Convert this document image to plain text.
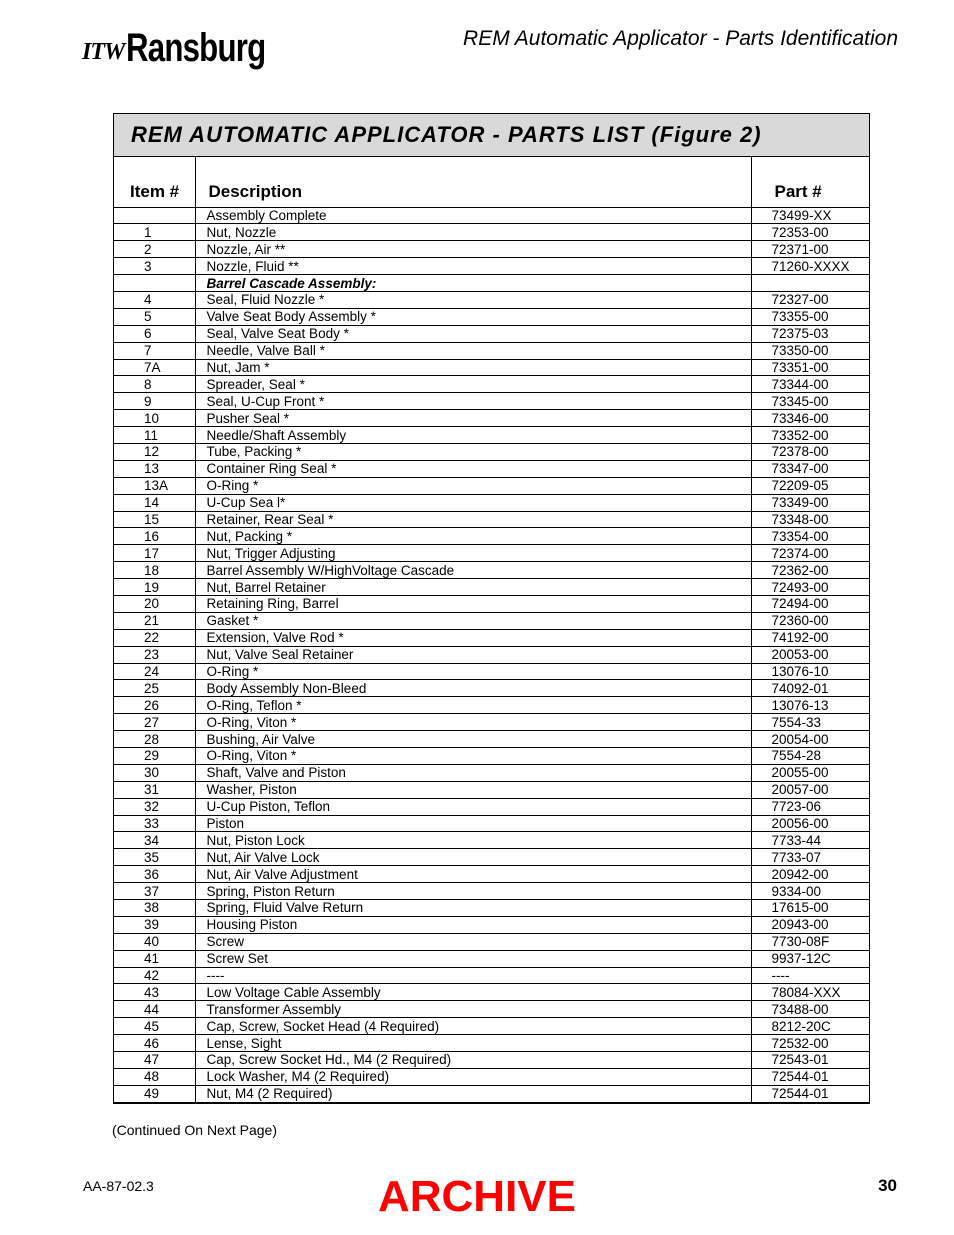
ITW Ransburg	REM Automatic Applicator - Parts Identification
REM AUTOMATIC APPLICATOR - PARTS LIST (Figure 2)
Item #	Description	Part #
	Assembly Complete	73499-XX
1	Nut, Nozzle	72353-00
2	Nozzle, Air **	72371-00
3	Nozzle, Fluid **	71260-XXXX
	Barrel Cascade Assembly:	
4	Seal, Fluid Nozzle *	72327-00
5	Valve Seat Body Assembly *	73355-00
6	Seal, Valve Seat Body *	72375-03
7	Needle, Valve Ball *	73350-00
7A	Nut, Jam *	73351-00
8	Spreader, Seal *	73344-00
9	Seal, U-Cup Front *	73345-00
10	Pusher Seal *	73346-00
11	Needle/Shaft Assembly	73352-00
12	Tube, Packing *	72378-00
13	Container Ring Seal *	73347-00
13A	O-Ring *	72209-05
14	U-Cup Sea l*	73349-00
15	Retainer, Rear Seal *	73348-00
16	Nut, Packing *	73354-00
17	Nut, Trigger Adjusting	72374-00
18	Barrel Assembly W/HighVoltage Cascade	72362-00
19	Nut, Barrel Retainer	72493-00
20	Retaining Ring, Barrel	72494-00
21	Gasket *	72360-00
22	Extension, Valve Rod *	74192-00
23	Nut, Valve Seal Retainer	20053-00
24	O-Ring *	13076-10
25	Body Assembly Non-Bleed	74092-01
26	O-Ring, Teflon *	13076-13
27	O-Ring, Viton *	7554-33
28	Bushing, Air Valve	20054-00
29	O-Ring, Viton *	7554-28
30	Shaft, Valve and Piston	20055-00
31	Washer, Piston	20057-00
32	U-Cup Piston, Teflon	7723-06
33	Piston	20056-00
34	Nut, Piston Lock	7733-44
35	Nut, Air Valve Lock	7733-07
36	Nut, Air Valve Adjustment	20942-00
37	Spring, Piston Return	9334-00
38	Spring, Fluid Valve Return	17615-00
39	Housing Piston	20943-00
40	Screw	7730-08F
41	Screw Set	9937-12C
42	----	----
43	Low Voltage Cable Assembly	78084-XXX
44	Transformer Assembly	73488-00
45	Cap, Screw, Socket Head (4 Required)	8212-20C
46	Lense, Sight	72532-00
47	Cap, Screw Socket Hd., M4 (2 Required)	72543-01
48	Lock Washer, M4 (2 Required)	72544-01
49	Nut, M4 (2 Required)	72544-01
(Continued On Next Page)
AA-87-02.3	ARCHIVE	30
